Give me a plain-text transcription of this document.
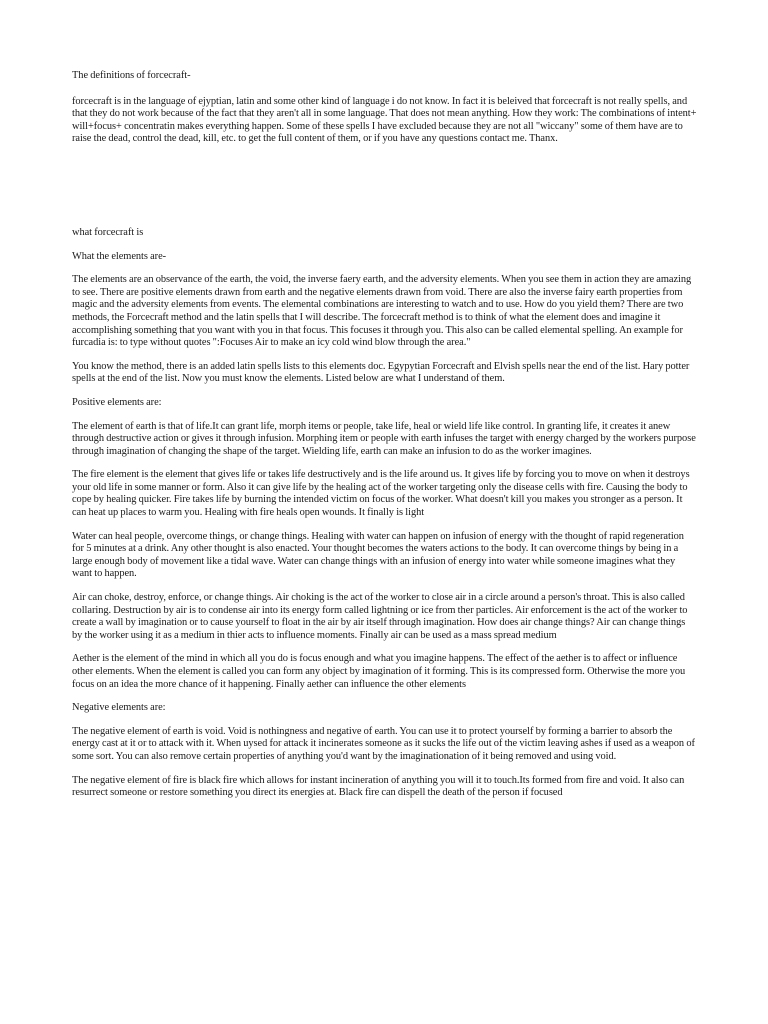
The definitions of forcecraft-

forcecraft is in the language of ejyptian, latin and some other kind of language i do not know. In fact it is beleived that forcecraft is not really spells, and that they do not work because of the fact that they aren't all in some language. That does not mean anything. How they work: The combinations of intent+ will+focus+ concentratin makes everything happen. Some of these spells I have excluded because they are not all "wiccany" some of them have are to raise the dead, control the dead, kill, etc. to get the full content of them, or if you have any questions contact me. Thanx.

what forcecraft is

What the elements are-

The elements are an observance of the earth, the void, the inverse faery earth, and the adversity elements. When you see them in action they are amazing to see. There are positive elements drawn from earth and the negative elements drawn from void. There are also the inverse fairy earth properties from magic and the adversity elements from events. The elemental combinations are interesting to watch and to use. How do you yield them? There are two methods, the Forcecraft method and the latin spells that I will describe. The forcecraft method is to think of what the element does and imagine it accomplishing something that you want with you in that focus. This focuses it through you. This also can be called elemental spelling. An example for furcadia is: to type without quotes ":Focuses Air to make an icy cold wind blow through the area."

You know the method, there is an added latin spells lists to this elements doc. Egypytian Forcecraft and Elvish spells near the end of the list. Hary potter spells at the end of the list. Now you must know the elements. Listed below are what I understand of them.

Positive elements are:

The element of earth is that of life.It can grant life, morph items or people, take life, heal or wield life like control. In granting life, it creates it anew through destructive action or gives it through infusion. Morphing item or people with earth infuses the target with energy charged by the workers purpose through imagination of changing the shape of the target. Wielding life, earth can make an infusion to do as the worker imagines.

The fire element is the element that gives life or takes life destructively and is the life around us. It gives life by forcing you to move on when it destroys your old life in some manner or form. Also it can give life by the healing act of the worker targeting only the disease cells with fire. Causing the body to cope by healing quicker. Fire takes life by burning the intended victim on focus of the worker. What doesn't kill you makes you stronger as a person. It can heat up places to warm you. Healing with fire heals open wounds. It finally is light

Water can heal people, overcome things, or change things. Healing with water can happen on infusion of energy with the thought of rapid regeneration for 5 minutes at a drink. Any other thought is also enacted. Your thought becomes the waters actions to the body. It can overcome things by being in a large enough body of movement like a tidal wave. Water can change things with an infusion of energy into water while someone imagines what they want to happen.

Air can choke, destroy, enforce, or change things. Air choking is the act of the worker to close air in a circle around a person's throat. This is also called collaring. Destruction by air is to condense air into its energy form called lightning or ice from ther particles. Air enforcement is the act of the worker to create a wall by imagination or to cause yourself to float in the air by air itself through imagination. How does air change things? Air can change things by the worker using it as a medium in thier acts to influence moments. Finally air can be used as a mass spread medium

Aether is the element of the mind in which all you do is focus enough and what you imagine happens. The effect of the aether is to affect or influence other elements. When the element is called you can form any object by imagination of it forming. This is its compressed form. Otherwise the more you focus on an idea the more chance of it happening. Finally aether can influence the other elements

Negative elements are:

The negative element of earth is void. Void is nothingness and negative of earth. You can use it to protect yourself by forming a barrier to absorb the energy cast at it or to attack with it. When uysed for attack it incinerates someone as it sucks the life out of the victim leaving ashes if used as a weapon of some sort. You can also remove certain properties of anything you'd want by the imaginationation of it being removed and using void.

The negative element of fire is black fire which allows for instant incineration of anything you will it to touch.Its formed from fire and void. It also can resurrect someone or restore something you direct its energies at. Black fire can dispell the death of the person if focused
